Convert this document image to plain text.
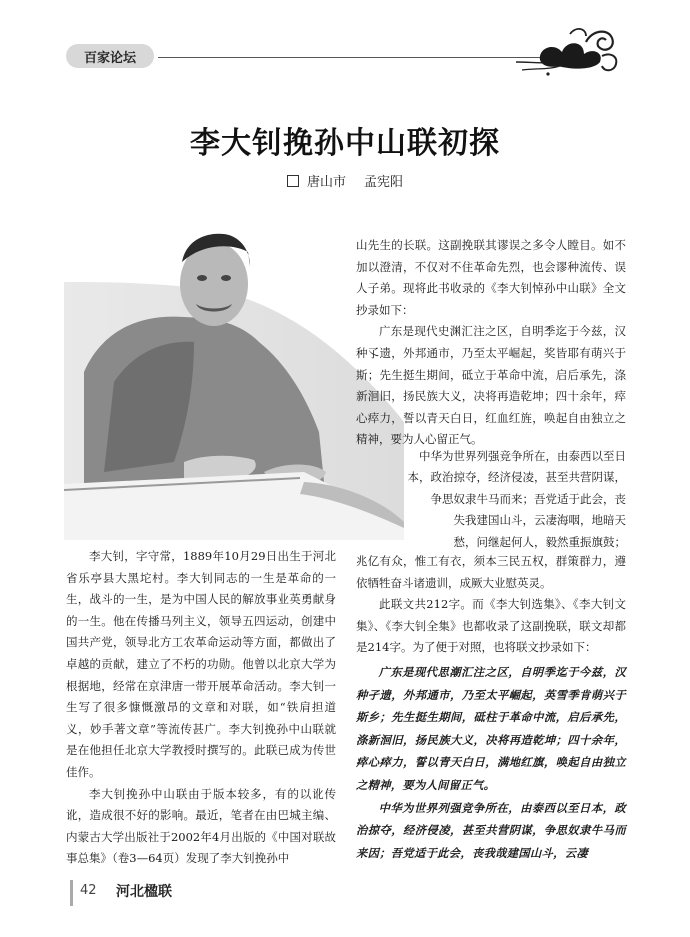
百家论坛
李大钊挽孙中山联初探
唐山市 孟宪阳

山先生的长联。这副挽联其谬误之多令人瞠目。如不加以澄清，不仅对不住革命先烈，也会谬种流传、误人子弟。现将此书收录的《李大钊悼孙中山联》全文抄录如下：

广东是现代史渊汇注之区，自明季迄于今兹，汉种孓遗，外邦通市，乃至太平崛起，奖皆耶有萌兴于斯；先生挺生期间，砥立于革命中流，启后承先，涤新洄旧，扬民族大义，决将再造乾坤；四十余年，瘁心瘁力，誓以青天白日，红血红旌，唤起自由独立之精神，要为人心留正气。

中华为世界列强竞争所在，由泰西以至日
本，政治掠夺，经济侵凌，甚至共营阴谋，
争思奴隶牛马而来；吾党适于此会，丧
失我建国山斗，云凄海咽，地暗天
愁，问继起何人，毅然重振旗鼓；

兆亿有众，惟工有衣，须本三民五权，群策群力，遵依牺牲奋斗诸遗训，成厥大业慰英灵。

此联文共212字。而《李大钊选集》、《李大钊文集》、《李大钊全集》也都收录了这副挽联，联文却都是214字。为了便于对照，也将联文抄录如下：

广东是现代思潮汇注之区，自明季迄于今兹，汉种孑遗，外邦通市，乃至太平崛起，英雪季肯萌兴于斯乡；先生挺生期间，砥柱于革命中流，启后承先，涤新洄旧，扬民族大义，决将再造乾坤；四十余年，瘁心瘁力，誓以青天白日，满地红旗，唤起自由独立之精神，要为人间留正气。

中华为世界列强竞争所在，由泰西以至日本，政治掠夺，经济侵凌，甚至共营阴谋，争思奴隶牛马而来因；吾党适于此会，丧我哉建国山斗，云凄

李大钊，字守常，1889年10月29日出生于河北省乐亭县大黑坨村。李大钊同志的一生是革命的一生，战斗的一生，是为中国人民的解放事业英勇献身的一生。他在传播马列主义，领导五四运动，创建中国共产党，领导北方工农革命运动等方面，都做出了卓越的贡献，建立了不朽的功勋。他曾以北京大学为根据地，经常在京津唐一带开展革命活动。李大钊一生写了很多慷慨激昂的文章和对联，如“铁肩担道义，妙手著文章”等流传甚广。李大钊挽孙中山联就是在他担任北京大学教授时撰写的。此联已成为传世佳作。

李大钊挽孙中山联由于版本较多，有的以讹传讹，造成很不好的影响。最近，笔者在由巴城主编、内蒙古大学出版社于2002年4月出版的《中国对联故事总集》（卷3—64页）发现了李大钊挽孙中

42 河北楹联
